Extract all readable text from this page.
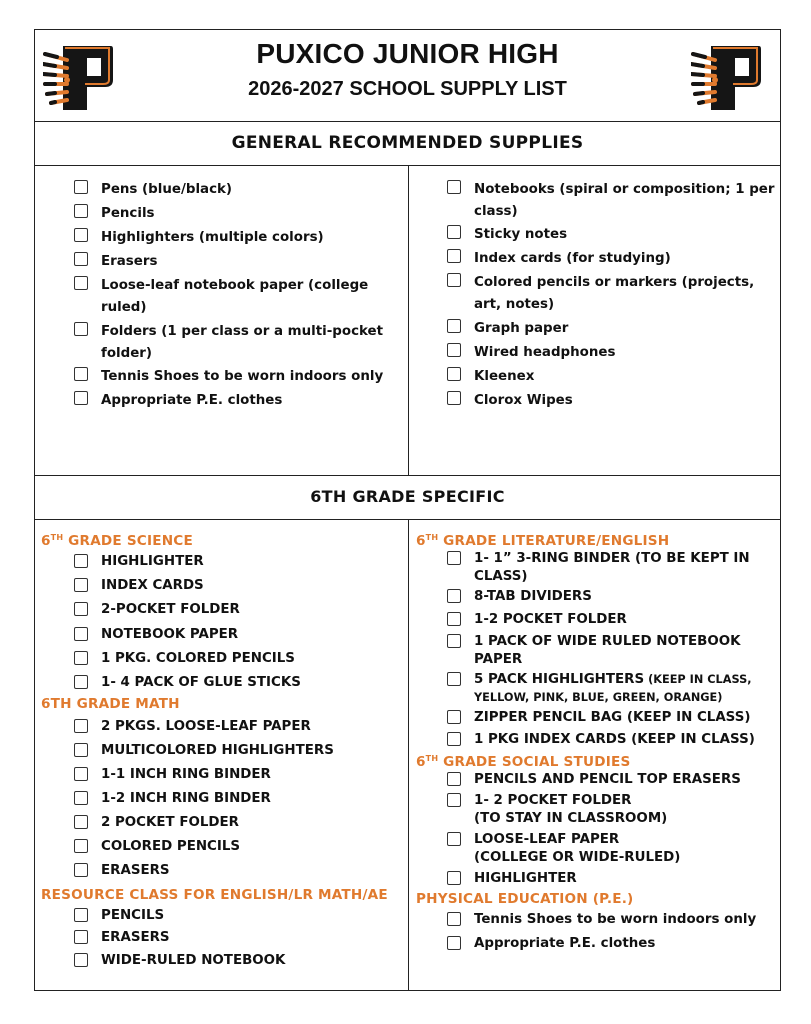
PUXICO JUNIOR HIGH
2026-2027 SCHOOL SUPPLY LIST
P
GENERAL RECOMMENDED SUPPLIES
Pens (blue/black)
Pencils
Highlighters (multiple colors)
Erasers
Loose-leaf notebook paper (college
ruled)
Folders (1 per class or a multi-pocket
folder)
Tennis Shoes to be worn indoors only
Appropriate P.E. clothes
Notebooks (spiral or composition; 1 per
class)
Sticky notes
Index cards (for studying)
Colored pencils or markers (projects,
art, notes)
Graph paper
Wired headphones
Kleenex
Clorox Wipes
6TH GRADE SPECIFIC
6TH GRADE SCIENCE
HIGHLIGHTER
INDEX CARDS
2-POCKET FOLDER
NOTEBOOK PAPER
1 PKG. COLORED PENCILS
1- 4 PACK OF GLUE STICKS
6TH GRADE MATH
2 PKGS. LOOSE-LEAF PAPER
MULTICOLORED HIGHLIGHTERS
1-1 INCH RING BINDER
1-2 INCH RING BINDER
2 POCKET FOLDER
COLORED PENCILS
ERASERS
RESOURCE CLASS FOR ENGLISH/LR MATH/AE
PENCILS
ERASERS
WIDE-RULED NOTEBOOK
6TH GRADE LITERATURE/ENGLISH
1- 1” 3-RING BINDER (TO BE KEPT IN
CLASS)
8-TAB DIVIDERS
1-2 POCKET FOLDER
1 PACK OF WIDE RULED NOTEBOOK
PAPER
5 PACK HIGHLIGHTERS (KEEP IN CLASS,
YELLOW, PINK, BLUE, GREEN, ORANGE)
ZIPPER PENCIL BAG (KEEP IN CLASS)
1 PKG INDEX CARDS (KEEP IN CLASS)
6TH GRADE SOCIAL STUDIES
PENCILS AND PENCIL TOP ERASERS
1- 2 POCKET FOLDER
(TO STAY IN CLASSROOM)
LOOSE-LEAF PAPER
(COLLEGE OR WIDE-RULED)
HIGHLIGHTER
PHYSICAL EDUCATION (P.E.)
Tennis Shoes to be worn indoors only
Appropriate P.E. clothes
